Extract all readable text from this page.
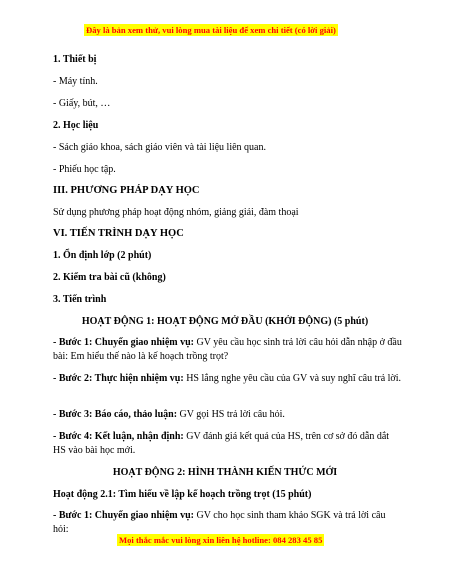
Đây là bản xem thử, vui lòng mua tài liệu để xem chi tiết (có lời giải)
1. Thiết bị
- Máy tính.
- Giấy, bút, …
2. Học liệu
- Sách giáo khoa, sách giáo viên và tài liệu liên quan.
- Phiếu học tập.
III. PHƯƠNG PHÁP DẠY HỌC
Sử dụng phương pháp hoạt động nhóm, giảng giải, đàm thoại
VI. TIẾN TRÌNH DẠY HỌC
1. Ổn định lớp (2 phút)
2. Kiểm tra bài cũ (không)
3. Tiến trình
HOẠT ĐỘNG 1: HOẠT ĐỘNG MỞ ĐẦU (KHỞI ĐỘNG) (5 phút)
- Bước 1: Chuyển giao nhiệm vụ: GV yêu cầu học sinh trả lời câu hỏi dẫn nhập ở đầu bài: Em hiểu thế nào là kế hoạch trồng trọt?
- Bước 2: Thực hiện nhiệm vụ: HS lắng nghe yêu cầu của GV và suy nghĩ câu trả lời.
- Bước 3: Báo cáo, thảo luận: GV gọi HS trả lời câu hỏi.
- Bước 4: Kết luận, nhận định: GV đánh giá kết quả của HS, trên cơ sở đó dẫn dắt HS vào bài học mới.
HOẠT ĐỘNG 2: HÌNH THÀNH KIẾN THỨC MỚI
Hoạt động 2.1: Tìm hiểu về lập kế hoạch trồng trọt (15 phút)
- Bước 1: Chuyển giao nhiệm vụ: GV cho học sinh tham khảo SGK và trả lời câu hỏi:
Mọi thắc mắc vui lòng xin liên hệ hotline: 084 283 45 85
